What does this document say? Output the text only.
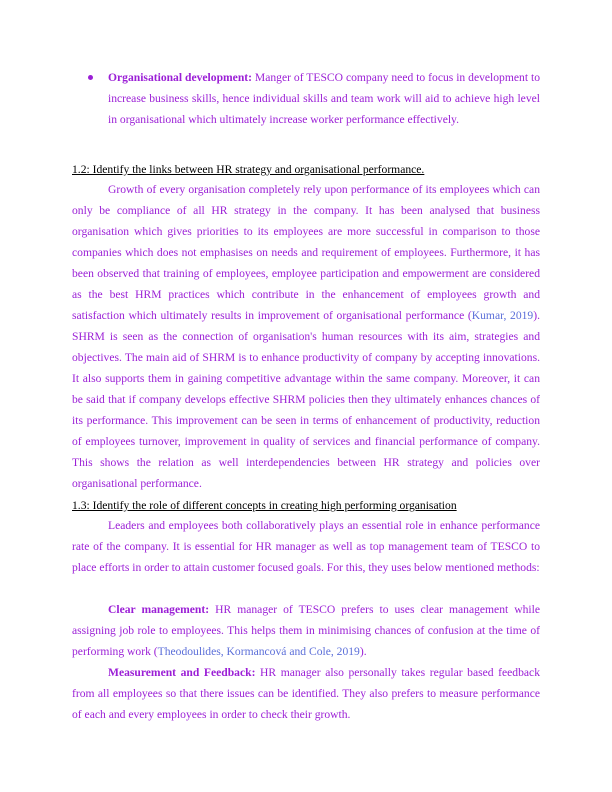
Organisational development: Manger of TESCO company need to focus in development to increase business skills, hence individual skills and team work will aid to achieve high level in organisational which ultimately increase worker performance effectively.

1.2: Identify the links between HR strategy and organisational performance.

Growth of every organisation completely rely upon performance of its employees which can only be compliance of all HR strategy in the company. It has been analysed that business organisation which gives priorities to its employees are more successful in comparison to those companies which does not emphasises on needs and requirement of employees. Furthermore, it has been observed that training of employees, employee participation and empowerment are considered as the best HRM practices which contribute in the enhancement of employees growth and satisfaction which ultimately results in improvement of organisational performance (Kumar, 2019). SHRM is seen as the connection of organisation's human resources with its aim, strategies and objectives. The main aid of SHRM is to enhance productivity of company by accepting innovations. It also supports them in gaining competitive advantage within the same company. Moreover, it can be said that if company develops effective SHRM policies then they ultimately enhances chances of its performance. This improvement can be seen in terms of enhancement of productivity, reduction of employees turnover, improvement in quality of services and financial performance of company. This shows the relation as well interdependencies between HR strategy and policies over organisational performance.

1.3: Identify the role of different concepts in creating high performing organisation

Leaders and employees both collaboratively plays an essential role in enhance performance rate of the company. It is essential for HR manager as well as top management team of TESCO to place efforts in order to attain customer focused goals. For this, they uses below mentioned methods:

Clear management: HR manager of TESCO prefers to uses clear management while assigning job role to employees. This helps them in minimising chances of confusion at the time of performing work (Theodoulides, Kormancová and Cole, 2019).

Measurement and Feedback: HR manager also personally takes regular based feedback from all employees so that there issues can be identified. They also prefers to measure performance of each and every employees in order to check their growth.
